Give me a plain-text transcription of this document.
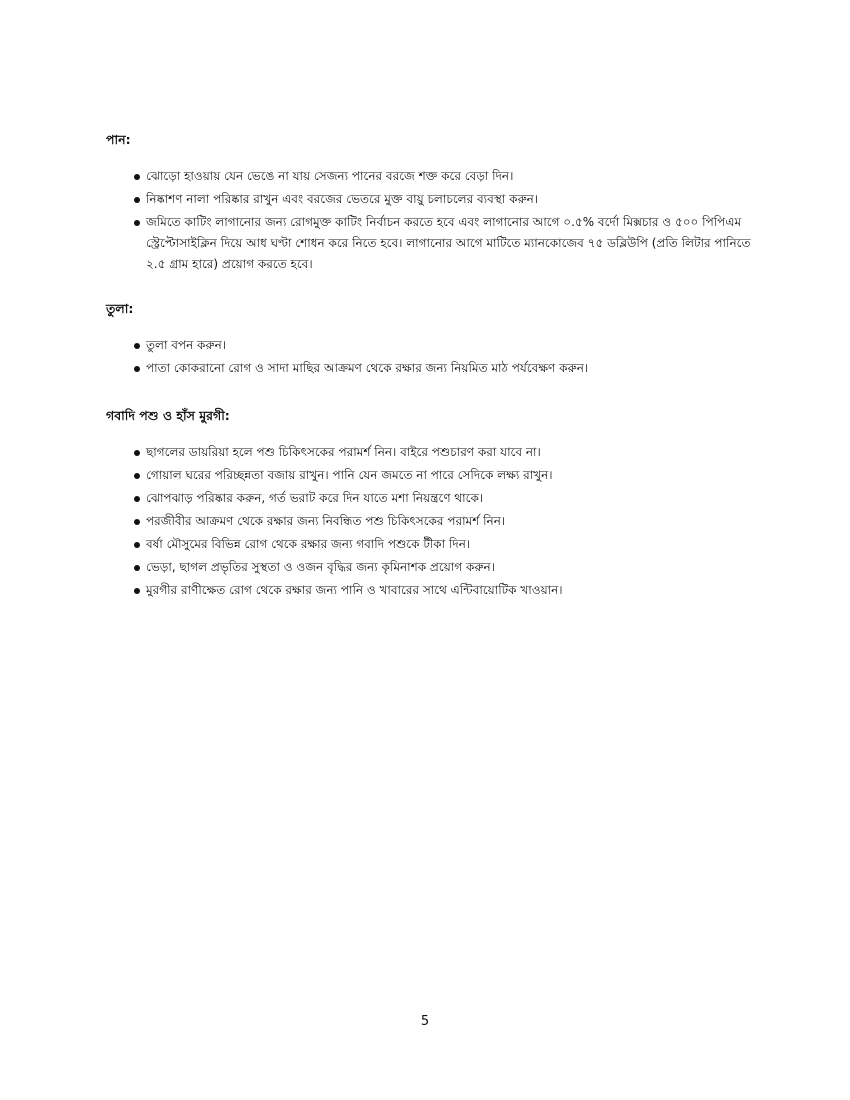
পান:

ঝোড়ো হাওয়ায় যেন ভেঙে না যায় সেজন্য পানের বরজে শক্ত করে বেড়া দিন।
নিষ্কাশণ নালা পরিষ্কার রাখুন এবং বরজের ভেতরে মুক্ত বায়ু চলাচলের ব্যবস্থা করুন।
জমিতে কাটিং লাগানোর জন্য রোগমুক্ত কাটিং নির্বাচন করতে হবে এবং লাগানোর আগে ০.৫% বর্দো মিক্সচার ও ৫০০ পিপিএম স্ট্রেপ্টোসাইক্লিন দিয়ে আধ ঘণ্টা শোধন করে নিতে হবে। লাগানোর আগে মাটিতে ম্যানকোজেব ৭৫ ডব্লিউপি (প্রতি লিটার পানিতে ২.৫ গ্রাম হারে) প্রয়োগ করতে হবে।

তুলা:

তুলা বপন করুন।
পাতা কোকরানো রোগ ও সাদা মাছির আক্রমণ থেকে রক্ষার জন্য নিয়মিত মাঠ পর্যবেক্ষণ করুন।

গবাদি পশু ও হাঁস মুরগী:

ছাগলের ডায়রিয়া হলে পশু চিকিৎসকের পরামর্শ নিন। বাইরে পশুচারণ করা যাবে না।
গোয়াল ঘরের পরিচ্ছন্নতা বজায় রাখুন। পানি যেন জমতে না পারে সেদিকে লক্ষ্য রাখুন।
ঝোপঝাড় পরিষ্কার করুন, গর্ত ভরাট করে দিন যাতে মশা নিয়ন্ত্রণে থাকে।
পরজীবীর আক্রমণ থেকে রক্ষার জন্য নিবন্ধিত পশু চিকিৎসকের পরামর্শ নিন।
বর্ষা মৌসুমের বিভিন্ন রোগ থেকে রক্ষার জন্য গবাদি পশুকে টীকা দিন।
ভেড়া, ছাগল প্রভৃতির সুস্থতা ও ওজন বৃদ্ধির জন্য কৃমিনাশক প্রয়োগ করুন।
মুরগীর রাণীক্ষেত রোগ থেকে রক্ষার জন্য পানি ও খাবারের সাথে এন্টিবায়োটিক খাওয়ান।
5
